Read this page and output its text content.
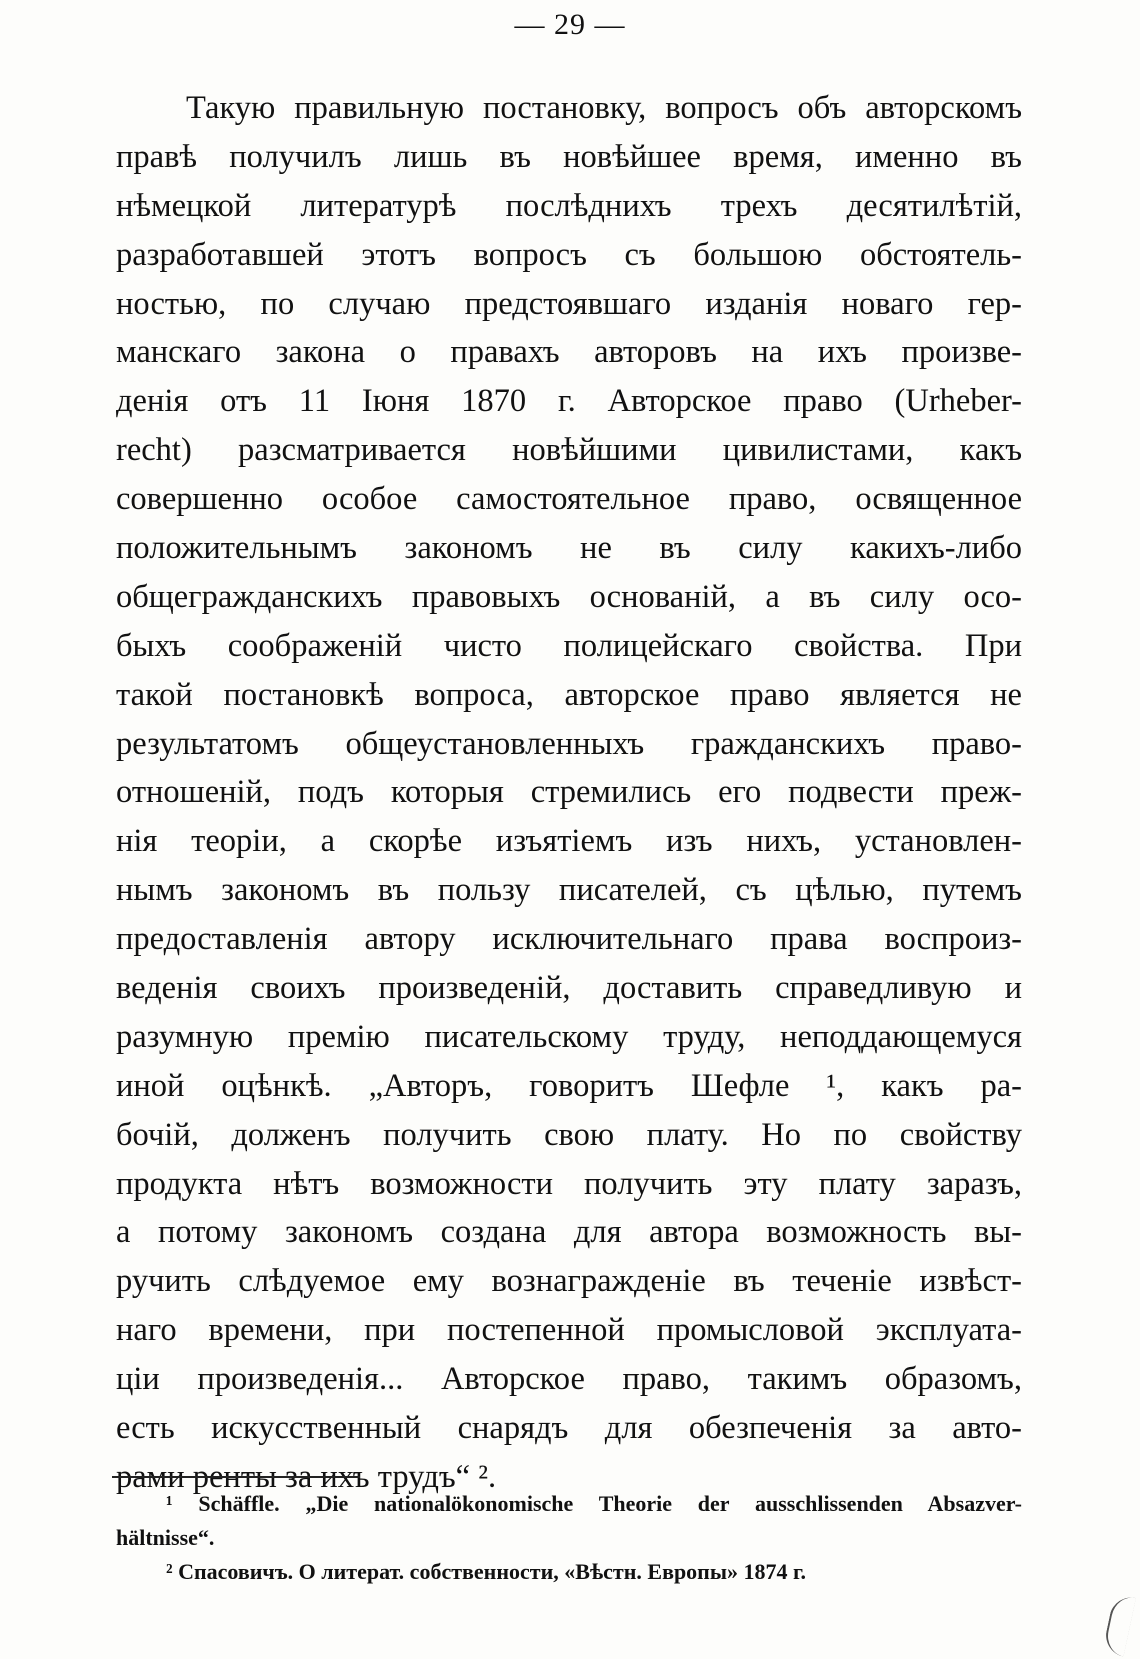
— 29 —
Такую правильную постановку, вопросъ объ авторскомъ
правѣ получилъ лишь въ новѣйшее время, именно въ
нѣмецкой литературѣ послѣднихъ трехъ десятилѣтій,
разработавшей этотъ вопросъ съ большою обстоятель-
ностью, по случаю предстоявшаго изданія новаго гер-
манскаго закона о правахъ авторовъ на ихъ произве-
денія отъ 11 Іюня 1870 г. Авторское право (Urheber-
recht) разсматривается новѣйшими цивилистами, какъ
совершенно особое самостоятельное право, освященное
положительнымъ закономъ не въ силу какихъ-либо
общегражданскихъ правовыхъ основаній, а въ силу осо-
быхъ соображеній чисто полицейскаго свойства. При
такой постановкѣ вопроса, авторское право является не
результатомъ общеустановленныхъ гражданскихъ право-
отношеній, подъ которыя стремились его подвести преж-
нія теоріи, а скорѣе изъятіемъ изъ нихъ, установлен-
нымъ закономъ въ пользу писателей, съ цѣлью, путемъ
предоставленія автору исключительнаго права воспроиз-
веденія своихъ произведеній, доставить справедливую и
разумную премію писательскому труду, неподдающемуся
иной оцѣнкѣ. „Авторъ, говоритъ Шефле ¹, какъ ра-
бочій, долженъ получить свою плату. Но по свойству
продукта нѣтъ возможности получить эту плату заразъ,
а потому закономъ создана для автора возможность вы-
ручить слѣдуемое ему вознагражденіе въ теченіе извѣст-
наго времени, при постепенной промысловой эксплуата-
ціи произведенія... Авторское право, такимъ образомъ,
есть искусственный снарядъ для обезпеченія за авто-
рами ренты за ихъ трудъ“ ².
¹ Schäffle. „Die nationalökonomische Theorie der ausschlissenden Absazver-
hältnisse“.
² Спасовичъ. О литерат. собственности, «Вѣстн. Европы» 1874 г.
